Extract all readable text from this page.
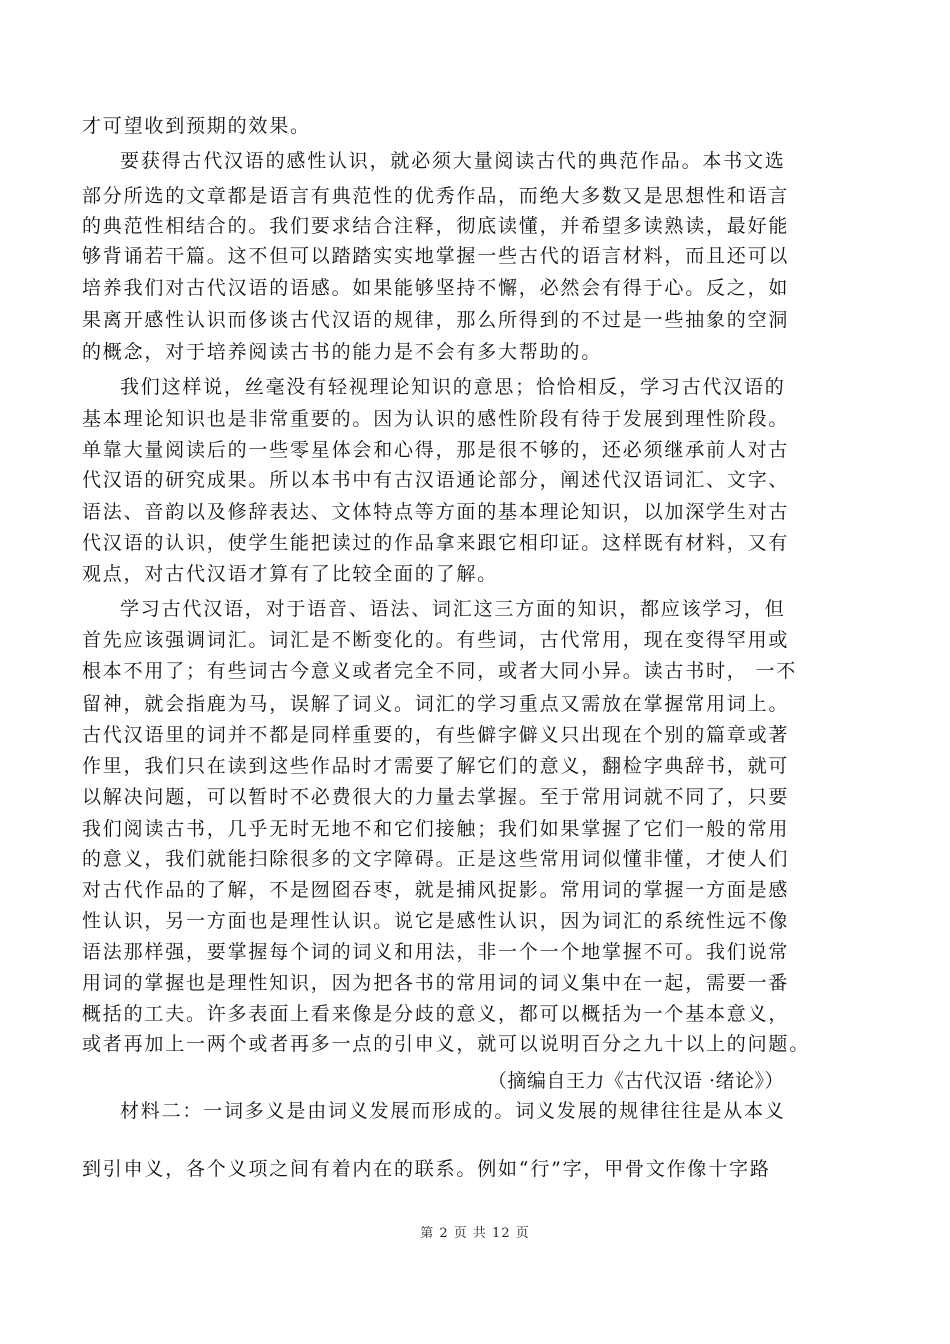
才可望收到预期的效果。
要获得古代汉语的感性认识，就必须大量阅读古代的典范作品。本书文选
部分所选的文章都是语言有典范性的优秀作品，而绝大多数又是思想性和语言
的典范性相结合的。我们要求结合注释，彻底读懂，并希望多读熟读，最好能
够背诵若干篇。这不但可以踏踏实实地掌握一些古代的语言材料，而且还可以
培养我们对古代汉语的语感。如果能够坚持不懈，必然会有得于心。反之，如
果离开感性认识而侈谈古代汉语的规律，那么所得到的不过是一些抽象的空洞
的概念，对于培养阅读古书的能力是不会有多大帮助的。
我们这样说，丝毫没有轻视理论知识的意思；恰恰相反，学习古代汉语的
基本理论知识也是非常重要的。因为认识的感性阶段有待于发展到理性阶段。
单靠大量阅读后的一些零星体会和心得，那是很不够的，还必须继承前人对古
代汉语的研究成果。所以本书中有古汉语通论部分，阐述代汉语词汇、文字、
语法、音韵以及修辞表达、文体特点等方面的基本理论知识，以加深学生对古
代汉语的认识，使学生能把读过的作品拿来跟它相印证。这样既有材料，又有
观点，对古代汉语才算有了比较全面的了解。
学习古代汉语，对于语音、语法、词汇这三方面的知识，都应该学习，但
首先应该强调词汇。词汇是不断变化的。有些词，古代常用，现在变得罕用或
根本不用了；有些词古今意义或者完全不同，或者大同小异。读古书时， 一不
留神，就会指鹿为马，误解了词义。词汇的学习重点又需放在掌握常用词上。
古代汉语里的词并不都是同样重要的，有些僻字僻义只出现在个别的篇章或著
作里，我们只在读到这些作品时才需要了解它们的意义，翻检字典辞书，就可
以解决问题，可以暂时不必费很大的力量去掌握。至于常用词就不同了，只要
我们阅读古书，几乎无时无地不和它们接触；我们如果掌握了它们一般的常用
的意义，我们就能扫除很多的文字障碍。正是这些常用词似懂非懂，才使人们
对古代作品的了解，不是囫囵吞枣，就是捕风捉影。常用词的掌握一方面是感
性认识，另一方面也是理性认识。说它是感性认识，因为词汇的系统性远不像
语法那样强，要掌握每个词的词义和用法，非一个一个地掌握不可。我们说常
用词的掌握也是理性知识，因为把各书的常用词的词义集中在一起，需要一番
概括的工夫。许多表面上看来像是分歧的意义，都可以概括为一个基本意义，
或者再加上一两个或者再多一点的引申义，就可以说明百分之九十以上的问题。
（摘编自王力《古代汉语 ·绪论》）
材料二：一词多义是由词义发展而形成的。词义发展的规律往往是从本义
到引申义，各个义项之间有着内在的联系。例如“行”字，甲骨文作像十字路
第 2 页 共 12 页
